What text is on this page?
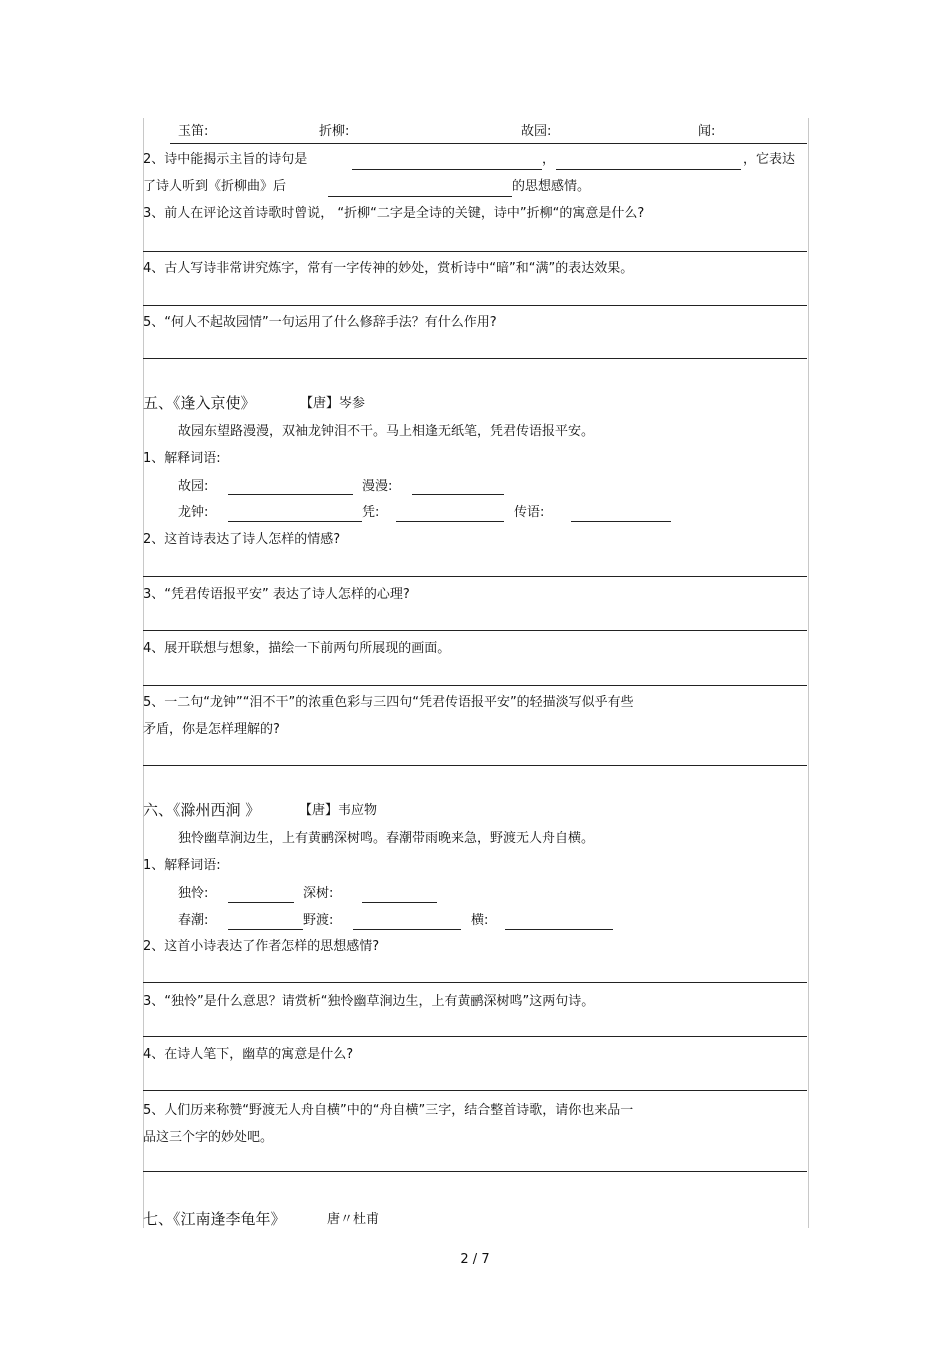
玉笛:	折柳:	故园:	闻:
2、诗中能揭示主旨的诗句是	，	，它表达
了诗人听到《折柳曲》后	的思想感情。
3、前人在评论这首诗歌时曾说， “折柳“二字是全诗的关键，诗中”折柳“的寓意是什么?
4、古人写诗非常讲究炼字，常有一字传神的妙处，赏析诗中“暗”和“满”的表达效果。
5、“何人不起故园情”一句运用了什么修辞手法？有什么作用?
五、《逢入京使》	【唐】岑参
故园东望路漫漫，双袖龙钟泪不干。马上相逢无纸笔，凭君传语报平安。
1、解释词语:
故园:	漫漫:
龙钟:	凭:	传语:
2、这首诗表达了诗人怎样的情感?
3、“凭君传语报平安” 表达了诗人怎样的心理?
4、展开联想与想象，描绘一下前两句所展现的画面。
5、一二句“龙钟”“泪不干”的浓重色彩与三四句“凭君传语报平安”的轻描淡写似乎有些
矛盾，你是怎样理解的?
六、《滁州西涧 》	【唐】韦应物
独怜幽草涧边生，上有黄鹂深树鸣。春潮带雨晚来急，野渡无人舟自横。
1、解释词语:
独怜:	深树:
春潮:	野渡:	横:
2、这首小诗表达了作者怎样的思想感情?
3、“独怜”是什么意思？请赏析“独怜幽草涧边生，上有黄鹂深树鸣”这两句诗。
4、在诗人笔下，幽草的寓意是什么?
5、人们历来称赞“野渡无人舟自横”中的“舟自横”三字，结合整首诗歌，请你也来品一
品这三个字的妙处吧。
七、《江南逢李龟年》	唐〃杜甫
2 / 7
